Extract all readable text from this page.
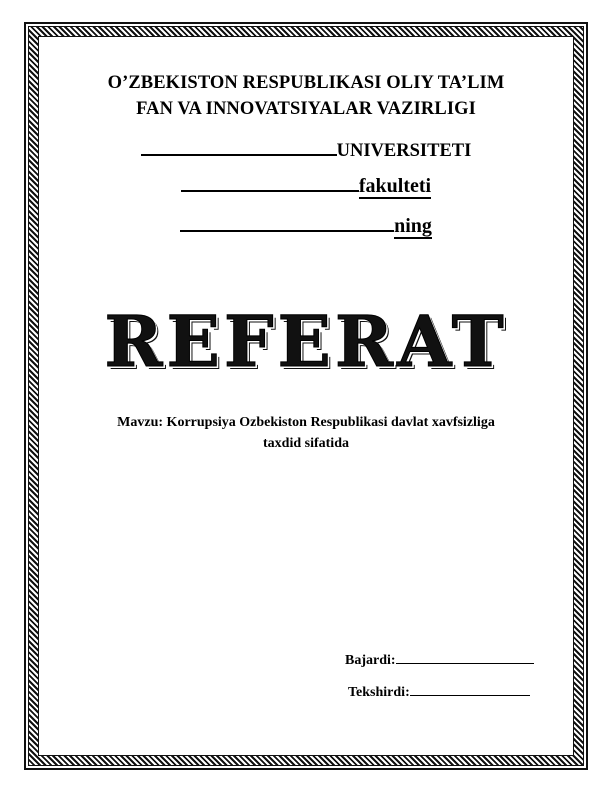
O’ZBEKISTON RESPUBLIKASI OLIY TA’LIM
FAN VA INNOVATSIYALAR VAZIRLIGI
UNIVERSITETI
fakulteti
ning
REFERAT
Mavzu: Korrupsiya Ozbekiston Respublikasi davlat xavfsizliga
taxdid sifatida
Bajardi:
Tekshirdi:
